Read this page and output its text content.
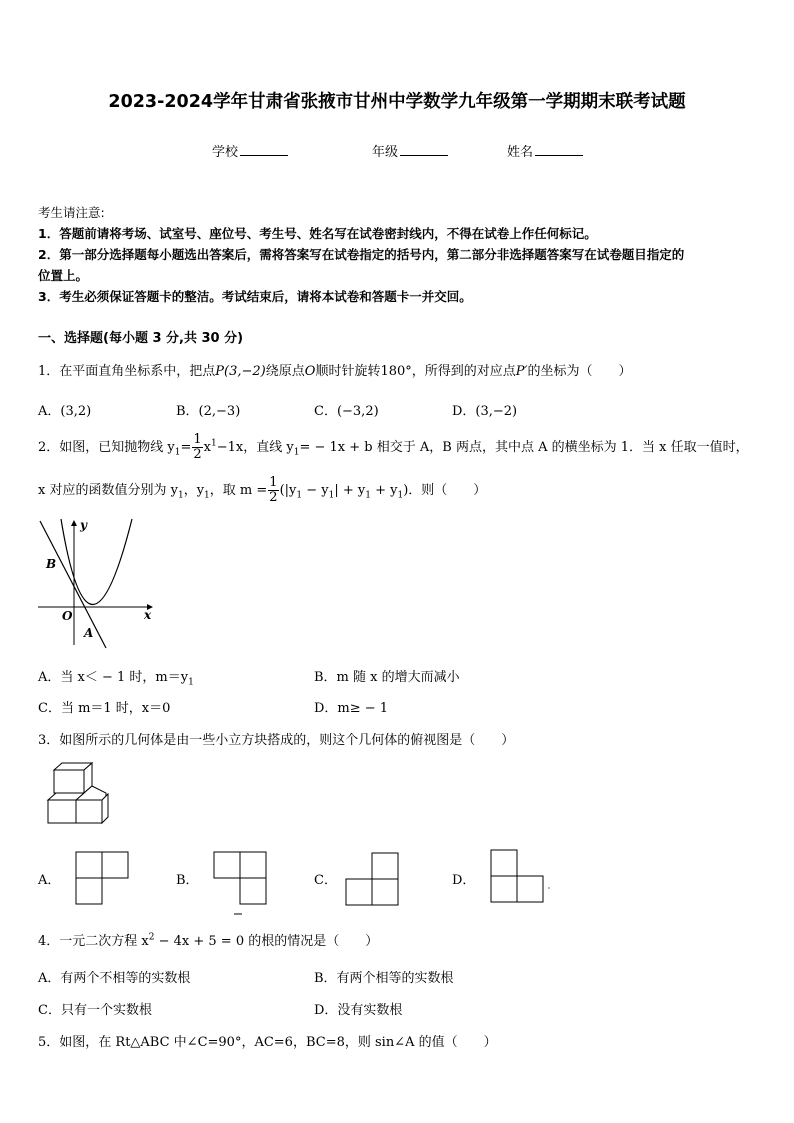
2023-2024学年甘肃省张掖市甘州中学数学九年级第一学期期末联考试题
学校	年级	姓名
考生请注意:
1．答题前请将考场、试室号、座位号、考生号、姓名写在试卷密封线内，不得在试卷上作任何标记。
2．第一部分选择题每小题选出答案后，需将答案写在试卷指定的括号内，第二部分非选择题答案写在试卷题目指定的
位置上。
3．考生必须保证答题卡的整洁。考试结束后，请将本试卷和答题卡一并交回。
一、选择题(每小题 3 分,共 30 分)
1．在平面直角坐标系中，把点P(3,−2)绕原点O顺时针旋转180°，所得到的对应点P′的坐标为（　　）
A．(3,2)	B．(2,−3)	C．(−3,2)	D．(3,−2)
2．如图，已知抛物线 $y_1= \frac{1}{2} x^1-1x$，直线 $y_1= - 1x + b$ 相交于 A，B 两点，其中点 A 的横坐标为 1．当 x 任取一值时，
x 对应的函数值分别为 $y_1$，$y_1$，取 $m = \frac{1}{2} (|y_1 - y_1| + y_1 + y_1)$．则（　　）
y
x
B
O
A
A．当 x＜ − 1 时，$m=y_1$	B．m 随 x 的增大而减小
C．当 m＝1 时，x＝0	D．m≥ − 1
3．如图所示的几何体是由一些小立方块搭成的，则这个几何体的俯视图是（　　）
A．	B．	C．	D．
4．一元二次方程 $x^2 - 4x + 5 = 0$ 的根的情况是（　　）
A．有两个不相等的实数根	B．有两个相等的实数根
C．只有一个实数根	D．没有实数根
5．如图，在 Rt△ABC 中∠C=90°，AC=6，BC=8，则 sin∠A 的值（　　）
